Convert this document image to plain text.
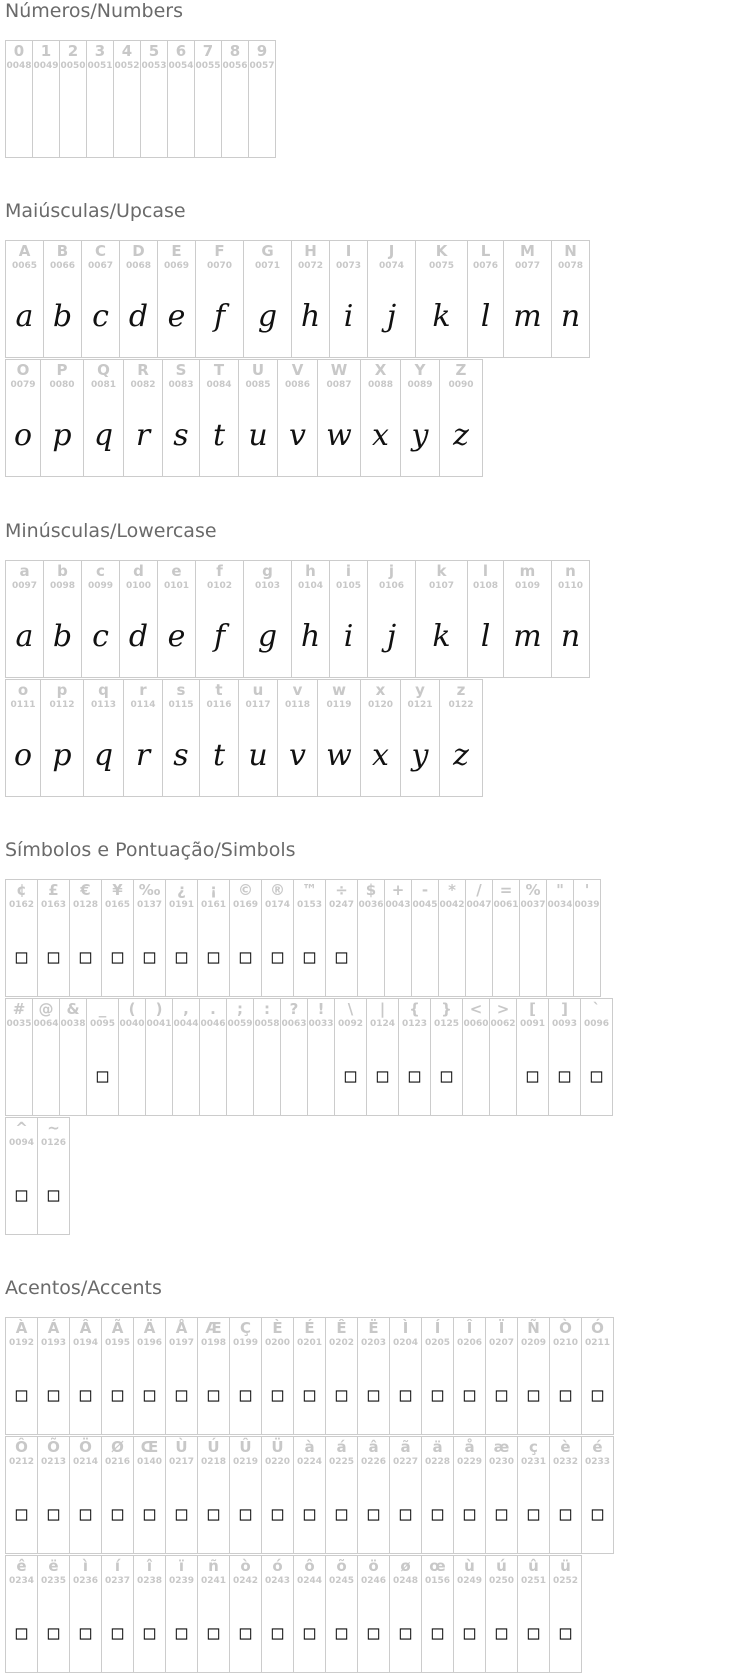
Números/Numbers
0
0048
1
0049
2
0050
3
0051
4
0052
5
0053
6
0054
7
0055
8
0056
9
0057
Maiúsculas/Upcase
A
0065
a
B
0066
b
C
0067
c
D
0068
d
E
0069
e
F
0070
f
G
0071
g
H
0072
h
I
0073
i
J
0074
j
K
0075
k
L
0076
l
M
0077
m
N
0078
n
O
0079
o
P
0080
p
Q
0081
q
R
0082
r
S
0083
s
T
0084
t
U
0085
u
V
0086
v
W
0087
w
X
0088
x
Y
0089
y
Z
0090
z
Minúsculas/Lowercase
a
0097
a
b
0098
b
c
0099
c
d
0100
d
e
0101
e
f
0102
f
g
0103
g
h
0104
h
i
0105
i
j
0106
j
k
0107
k
l
0108
l
m
0109
m
n
0110
n
o
0111
o
p
0112
p
q
0113
q
r
0114
r
s
0115
s
t
0116
t
u
0117
u
v
0118
v
w
0119
w
x
0120
x
y
0121
y
z
0122
z
Símbolos e Pontuação/Simbols
¢
0162
□
£
0163
□
€
0128
□
¥
0165
□
‰
0137
□
¿
0191
□
¡
0161
□
©
0169
□
®
0174
□
™
0153
□
÷
0247
□
$
0036
+
0043
-
0045
*
0042
/
0047
=
0061
%
0037
"
0034
'
0039
#
0035
@
0064
&
0038
_
0095
□
(
0040
)
0041
,
0044
.
0046
;
0059
:
0058
?
0063
!
0033
\
0092
□
|
0124
□
{
0123
□
}
0125
□
<
0060
>
0062
[
0091
□
]
0093
□
`
0096
□
^
0094
□
~
0126
□
Acentos/Accents
À
0192
□
Á
0193
□
Â
0194
□
Ã
0195
□
Ä
0196
□
Å
0197
□
Æ
0198
□
Ç
0199
□
È
0200
□
É
0201
□
Ê
0202
□
Ë
0203
□
Ì
0204
□
Í
0205
□
Î
0206
□
Ï
0207
□
Ñ
0209
□
Ò
0210
□
Ó
0211
□
Ô
0212
□
Õ
0213
□
Ö
0214
□
Ø
0216
□
Œ
0140
□
Ù
0217
□
Ú
0218
□
Û
0219
□
Ü
0220
□
à
0224
□
á
0225
□
â
0226
□
ã
0227
□
ä
0228
□
å
0229
□
æ
0230
□
ç
0231
□
è
0232
□
é
0233
□
ê
0234
□
ë
0235
□
ì
0236
□
í
0237
□
î
0238
□
ï
0239
□
ñ
0241
□
ò
0242
□
ó
0243
□
ô
0244
□
õ
0245
□
ö
0246
□
ø
0248
□
œ
0156
□
ù
0249
□
ú
0250
□
û
0251
□
ü
0252
□
